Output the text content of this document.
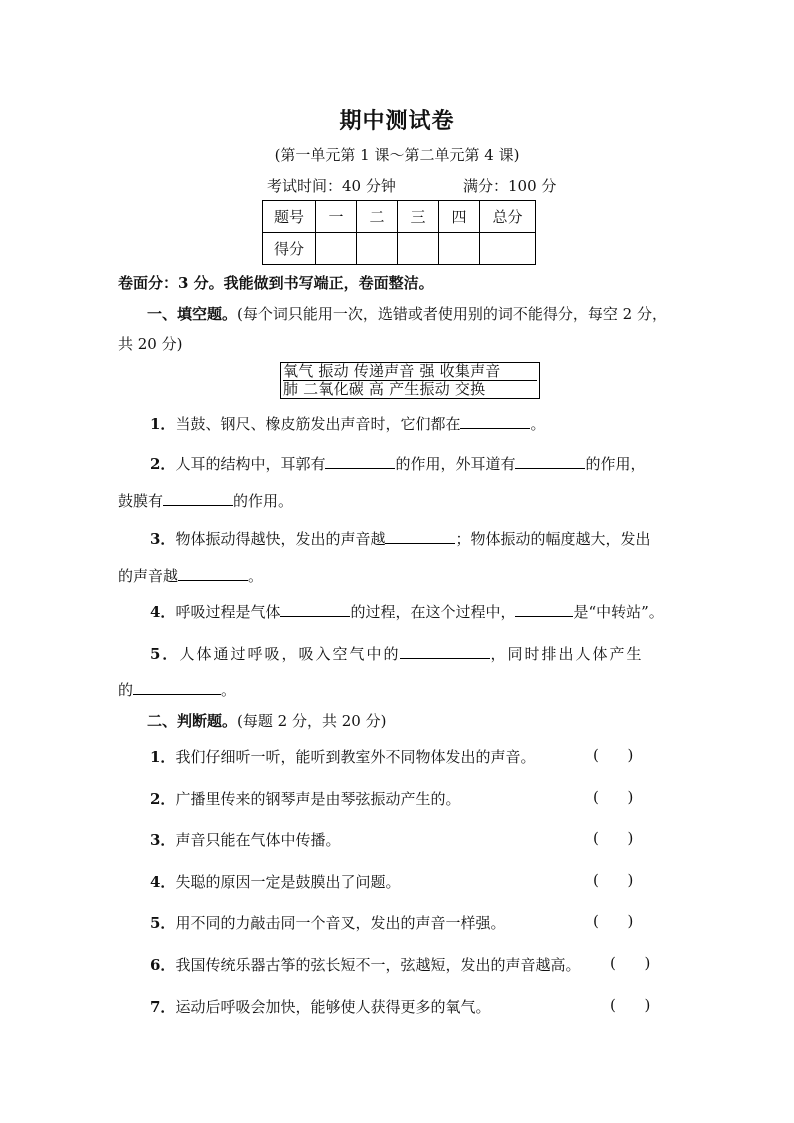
期中测试卷
(第一单元第 1 课～第二单元第 4 课)
考试时间：40 分钟	满分：100 分
题号	一	二	三	四	总分
得分					
卷面分：3 分。我能做到书写端正，卷面整洁。
一、填空题。(每个词只能用一次，选错或者使用别的词不能得分，每空 2 分，
共 20 分)
氧气 振动 传递声音 强 收集声音
肺 二氧化碳 高 产生振动 交换
1．当鼓、钢尺、橡皮筋发出声音时，它们都在	。
2．人耳的结构中，耳郭有	的作用，外耳道有	的作用，
鼓膜有	的作用。
3．物体振动得越快，发出的声音越	；物体振动的幅度越大，发出
的声音越	。
4．呼吸过程是气体	的过程，在这个过程中，	是“中转站”。
5．人体通过呼吸，吸入空气中的	，同时排出人体产生
的	。
二、判断题。(每题 2 分，共 20 分)
1．我们仔细听一听，能听到教室外不同物体发出的声音。	(      )
2．广播里传来的钢琴声是由琴弦振动产生的。	(      )
3．声音只能在气体中传播。	(      )
4．失聪的原因一定是鼓膜出了问题。	(      )
5．用不同的力敲击同一个音叉，发出的声音一样强。	(      )
6．我国传统乐器古筝的弦长短不一，弦越短，发出的声音越高。 (      )
7．运动后呼吸会加快，能够使人获得更多的氧气。	(      )
